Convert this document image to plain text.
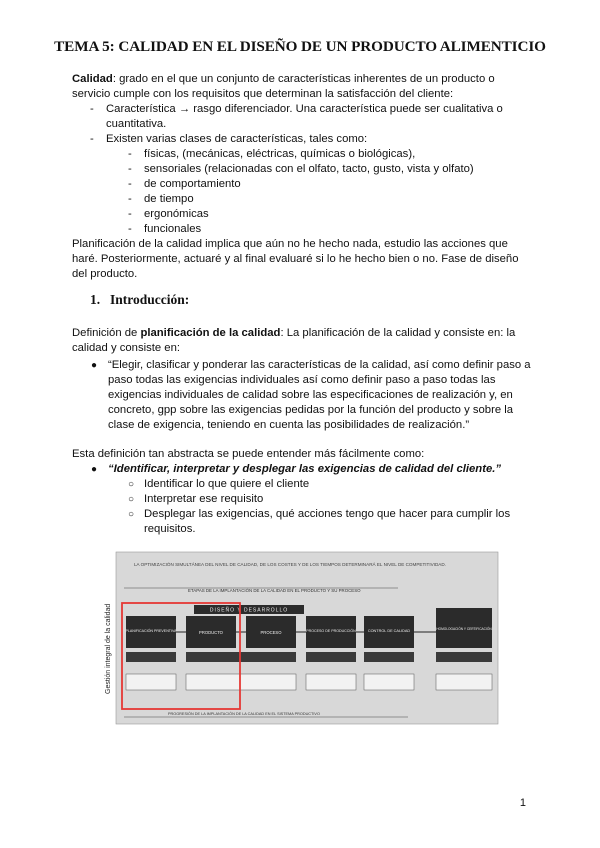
TEMA 5: CALIDAD EN EL DISEÑO DE UN PRODUCTO ALIMENTICIO

Calidad: grado en el que un conjunto de características inherentes de un producto o servicio cumple con los requisitos que determinan la satisfacción del cliente:

- Característica → rasgo diferenciador. Una característica puede ser cualitativa o cuantitativa.

- Existen varias clases de características, tales como:

- físicas, (mecánicas, eléctricas, químicas o biológicas),

- sensoriales (relacionadas con el olfato, tacto, gusto, vista y olfato)

- de comportamiento

- de tiempo

- ergonómicas

- funcionales

Planificación de la calidad implica que aún no he hecho nada, estudio las acciones que haré. Posteriormente, actuaré y al final evaluaré si lo he hecho bien o no. Fase de diseño del producto.

1. Introducción:

Definición de planificación de la calidad: La planificación de la calidad y consiste en: la calidad y consiste en:

● “Elegir, clasificar y ponderar las características de la calidad, así como definir paso a paso todas las exigencias individuales así como definir paso a paso todas las exigencias individuales de calidad sobre las especificaciones de realización y, en concreto, gpp sobre las exigencias pedidas por la función del producto y sobre la clase de exigencia, teniendo en cuenta las posibilidades de realización.”

Esta definición tan abstracta se puede entender más fácilmente como:

● “Identificar, interpretar y desplegar las exigencias de calidad del cliente.”

○ Identificar lo que quiere el cliente

○ Interpretar ese requisito

○ Desplegar las exigencias, qué acciones tengo que hacer para cumplir los requisitos.

LA OPTIMIZACIÓN SIMULTÁNEA DEL NIVEL DE CALIDAD, DE LOS COSTES Y DE LOS TIEMPOS DETERMINARÁ EL NIVEL DE COMPETITIVIDAD.
ETAPAS DE LA IMPLANTACIÓN DE LA CALIDAD EN EL PRODUCTO Y SU PROCESO
Gestión integral de la calidad	DISEÑO Y DESARROLLO
PLANIFICACIÓN PREVENTIVA	PRODUCTO	PROCESO	PROCESO DE PRODUCCIÓN	CONTROL DE CALIDAD	HOMOLOGACIÓN Y CERTIFICACIÓN
PROGRESIÓN DE LA IMPLANTACIÓN DE LA CALIDAD EN EL SISTEMA PRODUCTIVO
1
